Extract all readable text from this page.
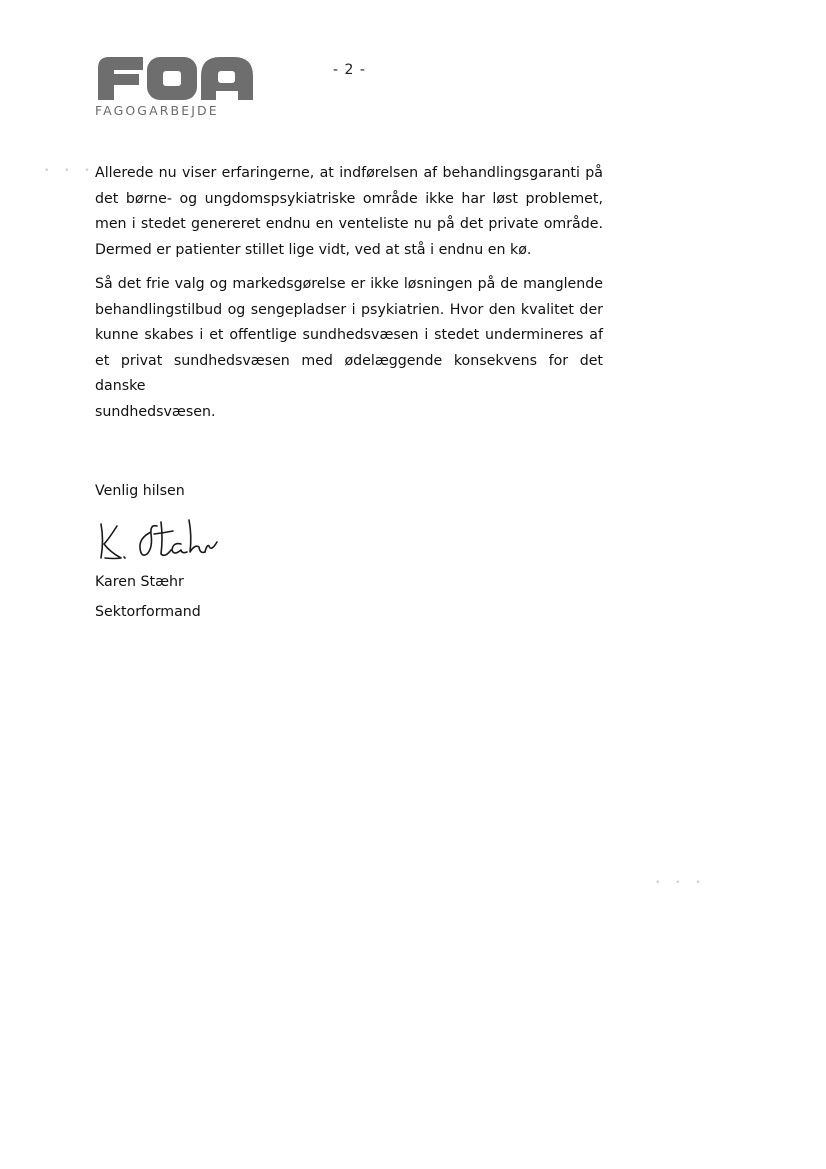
FAGOGARBEJDE
- 2 -
• • •
• • •

Allerede nu viser erfaringerne, at indførelsen af behandlingsgaranti på
det børne- og ungdomspsykiatriske område ikke har løst problemet,
men i stedet genereret endnu en venteliste nu på det private område.
Dermed er patienter stillet lige vidt, ved at stå i endnu en kø.

Så det frie valg og markedsgørelse er ikke løsningen på de manglende
behandlingstilbud og sengepladser i psykiatrien. Hvor den kvalitet der
kunne skabes i et offentlige sundhedsvæsen i stedet undermineres af
et privat sundhedsvæsen med ødelæggende konsekvens for det danske
sundhedsvæsen.

Venlig hilsen
Karen Stæhr
Sektorformand
